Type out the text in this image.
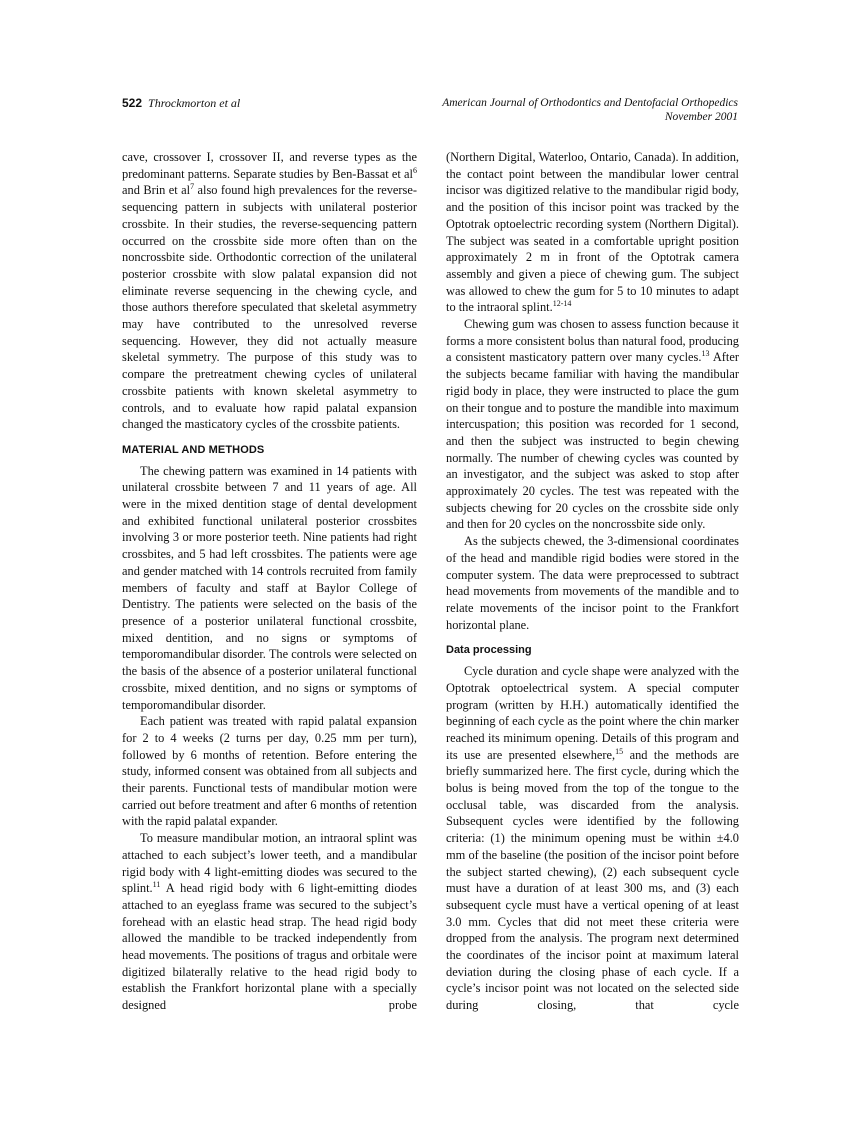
522 Throckmorton et al	American Journal of Orthodontics and Dentofacial Orthopedics
November 2001

cave, crossover I, crossover II, and reverse types as the predominant patterns. Separate studies by Ben-Bassat et $al^6$ and Brin et $al^7$ also found high prevalences for the reverse-sequencing pattern in subjects with unilateral posterior crossbite. In their studies, the reverse-sequencing pattern occurred on the crossbite side more often than on the noncrossbite side. Orthodontic correction of the unilateral posterior crossbite with slow palatal expansion did not eliminate reverse sequencing in the chewing cycle, and those authors therefore speculated that skeletal asymmetry may have contributed to the unresolved reverse sequencing. However, they did not actually measure skeletal symmetry. The purpose of this study was to compare the pretreatment chewing cycles of unilateral crossbite patients with known skeletal asymmetry to controls, and to evaluate how rapid palatal expansion changed the masticatory cycles of the crossbite patients.

MATERIAL AND METHODS

The chewing pattern was examined in 14 patients with unilateral crossbite between 7 and 11 years of age. All were in the mixed dentition stage of dental development and exhibited functional unilateral posterior crossbites involving 3 or more posterior teeth. Nine patients had right crossbites, and 5 had left crossbites. The patients were age and gender matched with 14 controls recruited from family members of faculty and staff at Baylor College of Dentistry. The patients were selected on the basis of the presence of a posterior unilateral functional crossbite, mixed dentition, and no signs or symptoms of temporomandibular disorder. The controls were selected on the basis of the absence of a posterior unilateral functional crossbite, mixed dentition, and no signs or symptoms of temporomandibular disorder.

Each patient was treated with rapid palatal expansion for 2 to 4 weeks (2 turns per day, 0.25 mm per turn), followed by 6 months of retention. Before entering the study, informed consent was obtained from all subjects and their parents. Functional tests of mandibular motion were carried out before treatment and after 6 months of retention with the rapid palatal expander.

To measure mandibular motion, an intraoral splint was attached to each subject’s lower teeth, and a mandibular rigid body with 4 light-emitting diodes was secured to the splint.$^{11}$ A head rigid body with 6 light-emitting diodes attached to an eyeglass frame was secured to the subject’s forehead with an elastic head strap. The head rigid body allowed the mandible to be tracked independently from head movements. The positions of tragus and orbitale were digitized bilaterally relative to the head rigid body to establish the Frankfort horizontal plane with a specially designed probe

(Northern Digital, Waterloo, Ontario, Canada). In addition, the contact point between the mandibular lower central incisor was digitized relative to the mandibular rigid body, and the position of this incisor point was tracked by the Optotrak optoelectric recording system (Northern Digital). The subject was seated in a comfortable upright position approximately 2 m in front of the Optotrak camera assembly and given a piece of chewing gum. The subject was allowed to chew the gum for 5 to 10 minutes to adapt to the intraoral splint.$^{12-14}$

Chewing gum was chosen to assess function because it forms a more consistent bolus than natural food, producing a consistent masticatory pattern over many cycles.$^{13}$ After the subjects became familiar with having the mandibular rigid body in place, they were instructed to place the gum on their tongue and to posture the mandible into maximum intercuspation; this position was recorded for 1 second, and then the subject was instructed to begin chewing normally. The number of chewing cycles was counted by an investigator, and the subject was asked to stop after approximately 20 cycles. The test was repeated with the subjects chewing for 20 cycles on the crossbite side only and then for 20 cycles on the noncrossbite side only.

As the subjects chewed, the 3-dimensional coordinates of the head and mandible rigid bodies were stored in the computer system. The data were preprocessed to subtract head movements from movements of the mandible and to relate movements of the incisor point to the Frankfort horizontal plane.

Data processing

Cycle duration and cycle shape were analyzed with the Optotrak optoelectrical system. A special computer program (written by H.H.) automatically identified the beginning of each cycle as the point where the chin marker reached its minimum opening. Details of this program and its use are presented elsewhere,$^{15}$ and the methods are briefly summarized here. The first cycle, during which the bolus is being moved from the top of the tongue to the occlusal table, was discarded from the analysis. Subsequent cycles were identified by the following criteria: (1) the minimum opening must be within ±4.0 mm of the baseline (the position of the incisor point before the subject started chewing), (2) each subsequent cycle must have a duration of at least 300 ms, and (3) each subsequent cycle must have a vertical opening of at least 3.0 mm. Cycles that did not meet these criteria were dropped from the analysis. The program next determined the coordinates of the incisor point at maximum lateral deviation during the closing phase of each cycle. If a cycle’s incisor point was not located on the selected side during closing, that cycle
